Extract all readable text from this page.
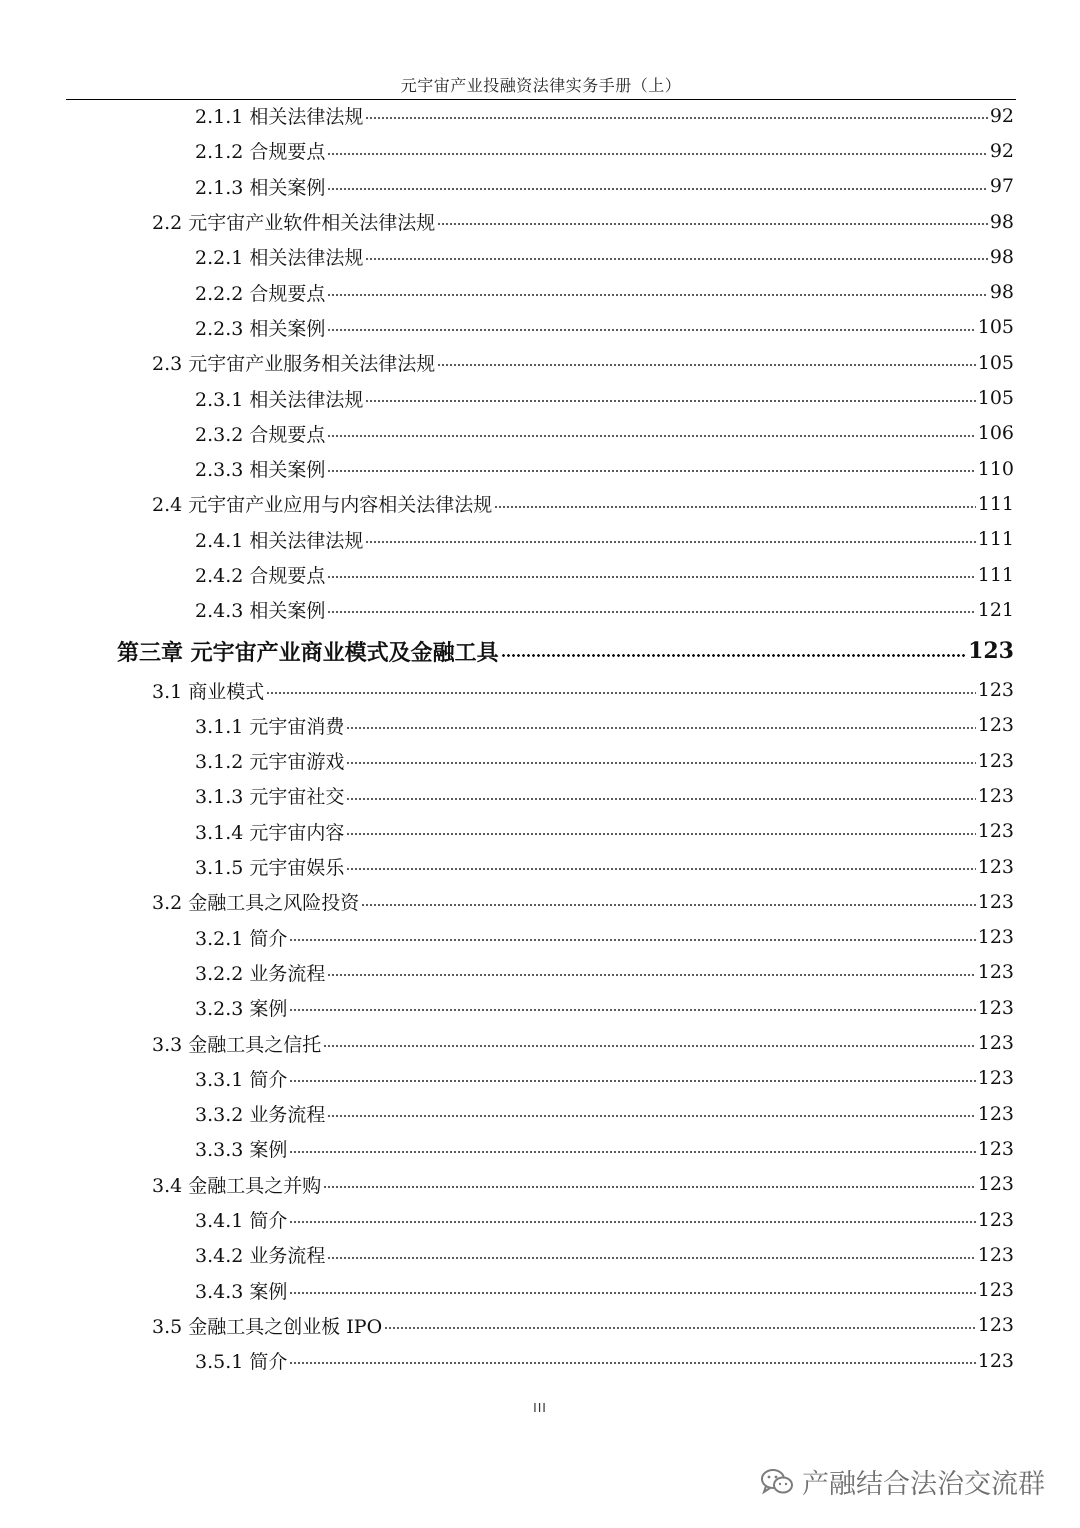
元宇宙产业投融资法律实务手册（上）
2.1.1 相关法律法规	92
2.1.2 合规要点	92
2.1.3 相关案例	97
2.2 元宇宙产业软件相关法律法规	98
2.2.1 相关法律法规	98
2.2.2 合规要点	98
2.2.3 相关案例	105
2.3 元宇宙产业服务相关法律法规	105
2.3.1 相关法律法规	105
2.3.2 合规要点	106
2.3.3 相关案例	110
2.4 元宇宙产业应用与内容相关法律法规	111
2.4.1 相关法律法规	111
2.4.2 合规要点	111
2.4.3 相关案例	121
第三章 元宇宙产业商业模式及金融工具	123
3.1 商业模式	123
3.1.1 元宇宙消费	123
3.1.2 元宇宙游戏	123
3.1.3 元宇宙社交	123
3.1.4 元宇宙内容	123
3.1.5 元宇宙娱乐	123
3.2 金融工具之风险投资	123
3.2.1 简介	123
3.2.2 业务流程	123
3.2.3 案例	123
3.3 金融工具之信托	123
3.3.1 简介	123
3.3.2 业务流程	123
3.3.3 案例	123
3.4 金融工具之并购	123
3.4.1 简介	123
3.4.2 业务流程	123
3.4.3 案例	123
3.5 金融工具之创业板 IPO	123
3.5.1 简介	123
III
产融结合法治交流群
